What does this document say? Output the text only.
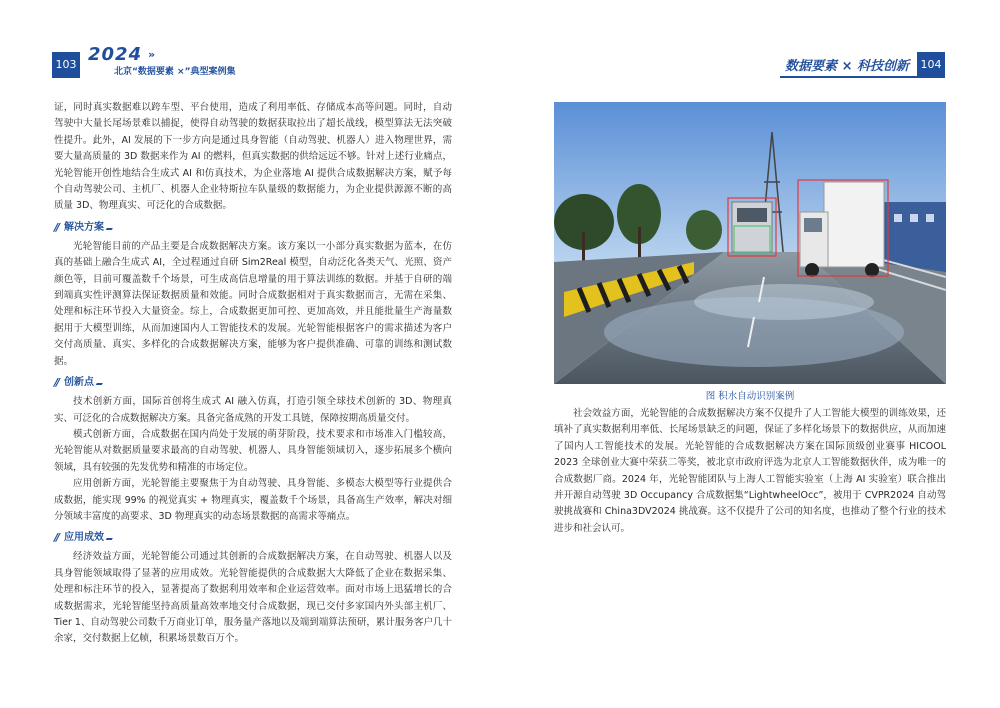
103 2024 »
北京“数据要素 ×”典型案例集	数据要素 × 科技创新	104

证，同时真实数据难以跨车型、平台使用，造成了利用率低、存储成本高等问题。同时，自动驾驶中大量长尾场景难以捕捉，使得自动驾驶的数据获取拉出了超长战线，模型算法无法突破性提升。此外，AI 发展的下一步方向是通过具身智能（自动驾驶、机器人）进入物理世界，需要大量高质量的 3D 数据来作为 AI 的燃料，但真实数据的供给远远不够。针对上述行业痛点，光轮智能开创性地结合生成式 AI 和仿真技术，为企业落地 AI 提供合成数据解决方案，赋予每个自动驾驶公司、主机厂、机器人企业特斯拉车队量级的数据能力，为企业提供源源不断的高质量 3D、物理真实、可泛化的合成数据。

// 解决方案

光轮智能目前的产品主要是合成数据解决方案。该方案以一小部分真实数据为蓝本，在仿真的基础上融合生成式 AI，全过程通过自研 Sim2Real 模型，自动泛化各类天气、光照、资产颜色等，目前可覆盖数千个场景，可生成高信息增量的用于算法训练的数据。并基于自研的端到端真实性评测算法保证数据质量和效能。同时合成数据相对于真实数据而言，无需在采集、处理和标注环节投入大量资金。综上，合成数据更加可控、更加高效，并且能批量生产海量数据用于大模型训练，从而加速国内人工智能技术的发展。光轮智能根据客户的需求描述为客户交付高质量、真实、多样化的合成数据解决方案，能够为客户提供准确、可靠的训练和测试数据。

// 创新点

技术创新方面，国际首创将生成式 AI 融入仿真，打造引领全球技术创新的 3D、物理真实、可泛化的合成数据解决方案。具备完备成熟的开发工具链，保障按期高质量交付。

模式创新方面，合成数据在国内尚处于发展的萌芽阶段，技术要求和市场准入门槛较高，光轮智能从对数据质量要求最高的自动驾驶、机器人、具身智能领域切入，逐步拓展多个横向领域，具有较强的先发优势和精准的市场定位。

应用创新方面，光轮智能主要聚焦于为自动驾驶、具身智能、多模态大模型等行业提供合成数据，能实现 99% 的视觉真实 + 物理真实，覆盖数千个场景，具备高生产效率，解决对细分领域丰富度的高要求、3D 物理真实的动态场景数据的高需求等痛点。

// 应用成效

经济效益方面，光轮智能公司通过其创新的合成数据解决方案，在自动驾驶、机器人以及具身智能领域取得了显著的应用成效。光轮智能提供的合成数据大大降低了企业在数据采集、处理和标注环节的投入，显著提高了数据利用效率和企业运营效率。面对市场上迅猛增长的合成数据需求，光轮智能坚持高质量高效率地交付合成数据，现已交付多家国内外头部主机厂、Tier 1、自动驾驶公司数千万商业订单，服务量产落地以及端到端算法预研，累计服务客户几十余家，交付数据上亿帧，积累场景数百万个。

图 积水自动识别案例

社会效益方面，光轮智能的合成数据解决方案不仅提升了人工智能大模型的训练效果，还填补了真实数据利用率低、长尾场景缺乏的问题，保证了多样化场景下的数据供应，从而加速了国内人工智能技术的发展。光轮智能的合成数据解决方案在国际顶级创业赛事 HICOOL 2023 全球创业大赛中荣获二等奖，被北京市政府评选为北京人工智能数据伙伴，成为唯一的合成数据厂商。2024 年，光轮智能团队与上海人工智能实验室（上海 AI 实验室）联合推出并开源自动驾驶 3D Occupancy 合成数据集“LightwheelOcc”，被用于 CVPR2024 自动驾驶挑战赛和 China3DV2024 挑战赛。这不仅提升了公司的知名度，也推动了整个行业的技术进步和社会认可。
